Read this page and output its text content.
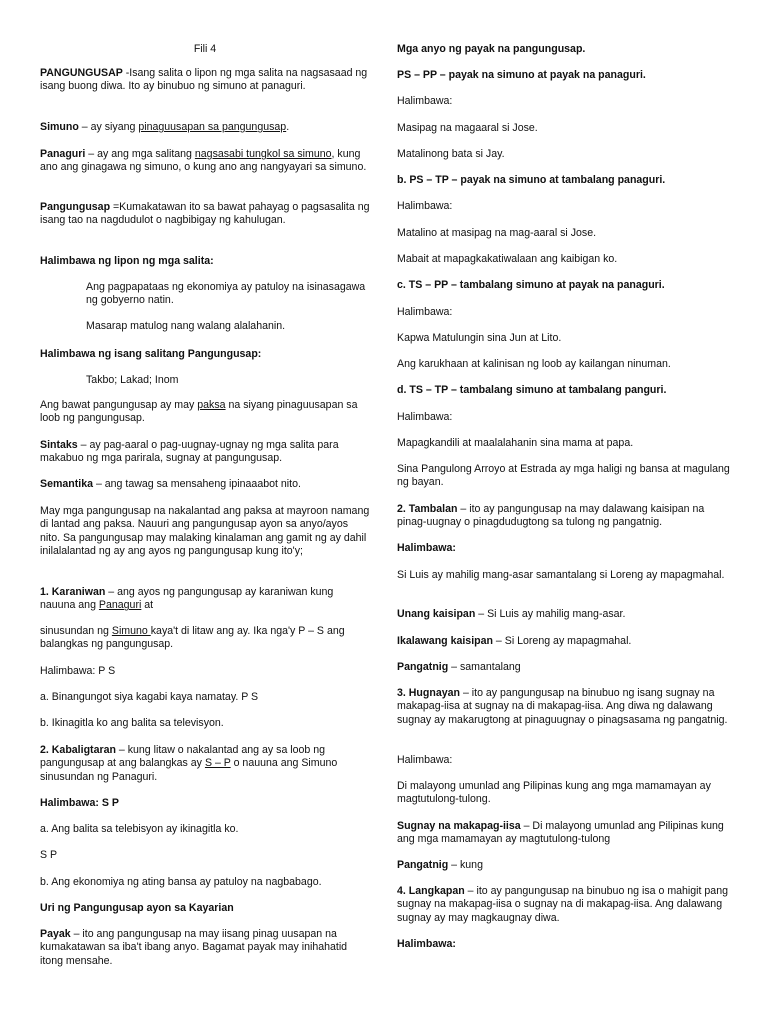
Fili 4

PANGUNGUSAP -Isang salita o lipon ng mga salita na nagsasaad ng isang buong diwa. Ito ay binubuo ng simuno at panaguri.

Simuno – ay siyang pinaguusapan sa pangungusap.

Panaguri – ay ang mga salitang nagsasabi tungkol sa simuno, kung ano ang ginagawa ng simuno, o kung ano ang nangyayari sa simuno.

Pangungusap =Kumakatawan ito sa bawat pahayag o pagsasalita ng isang tao na nagdudulot o nagbibigay ng kahulugan.

Halimbawa ng lipon ng mga salita:

Ang pagpapataas ng ekonomiya ay patuloy na isinasagawa ng gobyerno natin.

Masarap matulog nang walang alalahanin.

Halimbawa ng isang salitang Pangungusap:

Takbo; Lakad; Inom

Ang bawat pangungusap ay may paksa na siyang pinaguusapan sa loob ng pangungusap.

Sintaks – ay pag-aaral o pag-uugnay-ugnay ng mga salita para makabuo ng mga parirala, sugnay at pangungusap.

Semantika – ang tawag sa mensaheng ipinaaabot nito.

May mga pangungusap na nakalantad ang paksa at mayroon namang di lantad ang paksa. Nauuri ang pangungusap ayon sa anyo/ayos nito. Sa pangungusap may malaking kinalaman ang gamit ng ay dahil inilalalantad ng ay ang ayos ng pangungusap kung ito'y;

1. Karaniwan – ang ayos ng pangungusap ay karaniwan kung nauuna ang Panaguri at

sinusundan ng Simuno kaya't di litaw ang ay. Ika nga'y P – S ang balangkas ng pangungusap.

Halimbawa: P S

a. Binangungot siya kagabi kaya namatay. P S

b. Ikinagitla ko ang balita sa televisyon.

2. Kabaligtaran – kung litaw o nakalantad ang ay sa loob ng pangungusap at ang balangkas ay S – P o nauuna ang Simuno sinusundan ng Panaguri.

Halimbawa: S P

a. Ang balita sa telebisyon ay ikinagitla ko.

S P

b. Ang ekonomiya ng ating bansa ay patuloy na nagbabago.

Uri ng Pangungusap ayon sa Kayarian

Payak – ito ang pangungusap na may iisang pinag uusapan na kumakatawan sa iba't ibang anyo. Bagamat payak may inihahatid itong mensahe.

Mga anyo ng payak na pangungusap.

PS – PP – payak na simuno at payak na panaguri.

Halimbawa:

Masipag na magaaral si Jose.

Matalinong bata si Jay.

b. PS – TP – payak na simuno at tambalang panaguri.

Halimbawa:

Matalino at masipag na mag-aaral si Jose.

Mabait at mapagkakatiwalaan ang kaibigan ko.

c. TS – PP – tambalang simuno at payak na panaguri.

Halimbawa:

Kapwa Matulungin sina Jun at Lito.

Ang karukhaan at kalinisan ng loob ay kailangan ninuman.

d. TS – TP – tambalang simuno at tambalang panguri.

Halimbawa:

Mapagkandili at maalalahanin sina mama at papa.

Sina Pangulong Arroyo at Estrada ay mga haligi ng bansa at magulang ng bayan.

2. Tambalan – ito ay pangungusap na may dalawang kaisipan na pinag-uugnay o pinagdudugtong sa tulong ng pangatnig.

Halimbawa:

Si Luis ay mahilig mang-asar samantalang si Loreng ay mapagmahal.

Unang kaisipan – Si Luis ay mahilig mang-asar.

Ikalawang kaisipan – Si Loreng ay mapagmahal.

Pangatnig – samantalang

3. Hugnayan – ito ay pangungusap na binubuo ng isang sugnay na makapag-iisa at sugnay na di makapag-iisa. Ang diwa ng dalawang sugnay ay makarugtong at pinaguugnay o pinagsasama ng pangatnig.

Halimbawa:

Di malayong umunlad ang Pilipinas kung ang mga mamamayan ay magtutulong-tulong.

Sugnay na makapag-iisa – Di malayong umunlad ang Pilipinas kung ang mga mamamayan ay magtutulong-tulong

Pangatnig – kung

4. Langkapan – ito ay pangungusap na binubuo ng isa o mahigit pang sugnay na makapag-iisa o sugnay na di makapag-iisa. Ang dalawang sugnay ay may magkaugnay diwa.

Halimbawa:
